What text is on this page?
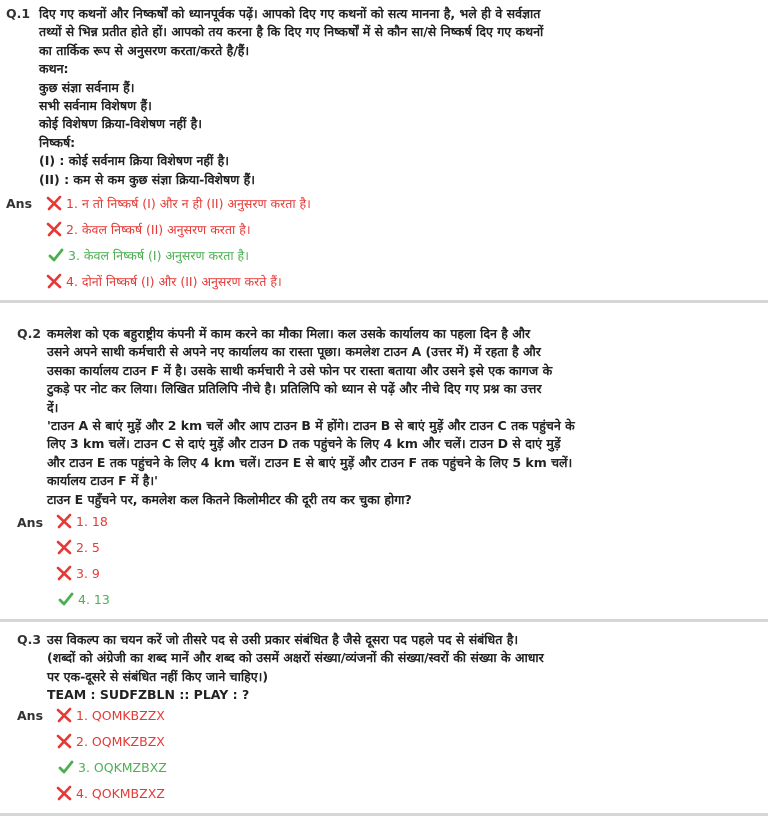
Q.1 दिए गए कथनों और निष्कर्षों को ध्यानपूर्वक पढ़ें। आपको दिए गए कथनों को सत्य मानना है, भले ही वे सर्वज्ञात
तथ्यों से भिन्न प्रतीत होते हों। आपको तय करना है कि दिए गए निष्कर्षों में से कौन सा/से निष्कर्ष दिए गए कथनों
का तार्किक रूप से अनुसरण करता/करते है/हैं।
कथन:
कुछ संज्ञा सर्वनाम हैं।
सभी सर्वनाम विशेषण हैं।
कोई विशेषण क्रिया-विशेषण नहीं है।
निष्कर्ष:
(I) : कोई सर्वनाम क्रिया विशेषण नहीं है।
(II) : कम से कम कुछ संज्ञा क्रिया-विशेषण हैं।
Ans	1. न तो निष्कर्ष (I) और न ही (II) अनुसरण करता है।
2. केवल निष्कर्ष (II) अनुसरण करता है।
3. केवल निष्कर्ष (I) अनुसरण करता है।
4. दोनों निष्कर्ष (I) और (II) अनुसरण करते हैं।
Q.2 कमलेश को एक बहुराष्ट्रीय कंपनी में काम करने का मौका मिला। कल उसके कार्यालय का पहला दिन है और
उसने अपने साथी कर्मचारी से अपने नए कार्यालय का रास्ता पूछा। कमलेश टाउन A (उत्तर में) में रहता है और
उसका कार्यालय टाउन F में है। उसके साथी कर्मचारी ने उसे फोन पर रास्ता बताया और उसने इसे एक कागज के
टुकड़े पर नोट कर लिया। लिखित प्रतिलिपि नीचे है। प्रतिलिपि को ध्यान से पढ़ें और नीचे दिए गए प्रश्न का उत्तर
दें।
'टाउन A से बाएं मुड़ें और 2 km चलें और आप टाउन B में होंगे। टाउन B से बाएं मुड़ें और टाउन C तक पहुंचने के
लिए 3 km चलें। टाउन C से दाएं मुड़ें और टाउन D तक पहुंचने के लिए 4 km और चलें। टाउन D से दाएं मुड़ें
और टाउन E तक पहुंचने के लिए 4 km चलें। टाउन E से बाएं मुड़ें और टाउन F तक पहुंचने के लिए 5 km चलें।
कार्यालय टाउन F में है।'
टाउन E पहुँचने पर, कमलेश कल कितने किलोमीटर की दूरी तय कर चुका होगा?
Ans	1. 18
2. 5
3. 9
4. 13
Q.3 उस विकल्प का चयन करें जो तीसरे पद से उसी प्रकार संबंधित है जैसे दूसरा पद पहले पद से संबंधित है।
(शब्दों को अंग्रेजी का शब्द मानें और शब्द को उसमें अक्षरों संख्या/व्यंजनों की संख्या/स्वरों की संख्या के आधार
पर एक-दूसरे से संबंधित नहीं किए जाने चाहिए।)
TEAM : SUDFZBLN :: PLAY : ?
Ans	1. QOMKBZZX
2. OQMKZBZX
3. OQKMZBXZ
4. QOKMBZXZ
